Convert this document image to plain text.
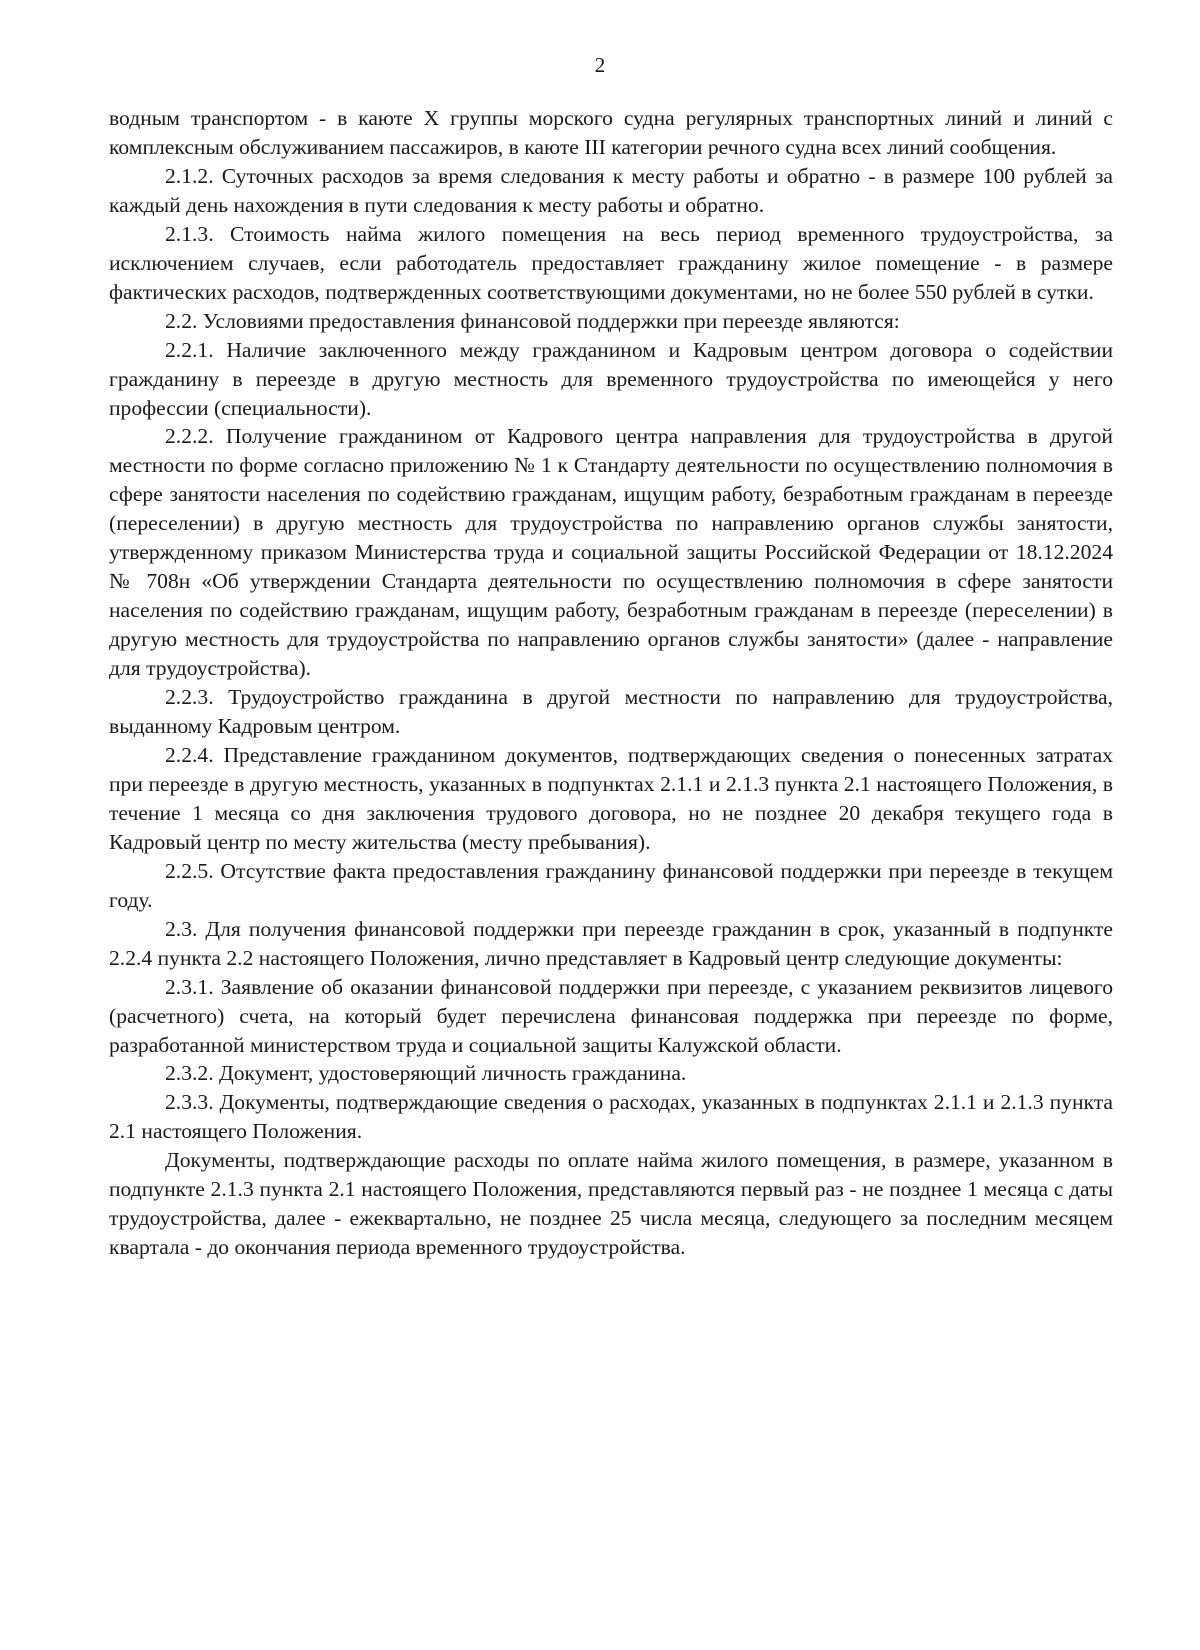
2

водным транспортом - в каюте X группы морского судна регулярных транспортных линий и линий с комплексным обслуживанием пассажиров, в каюте III категории речного судна всех линий сообщения.

2.1.2. Суточных расходов за время следования к месту работы и обратно - в размере 100 рублей за каждый день нахождения в пути следования к месту работы и обратно.

2.1.3. Стоимость найма жилого помещения на весь период временного трудоустройства, за исключением случаев, если работодатель предоставляет гражданину жилое помещение - в размере фактических расходов, подтвержденных соответствующими документами, но не более 550 рублей в сутки.

2.2. Условиями предоставления финансовой поддержки при переезде являются:

2.2.1. Наличие заключенного между гражданином и Кадровым центром договора о содействии гражданину в переезде в другую местность для временного трудоустройства по имеющейся у него профессии (специальности).

2.2.2. Получение гражданином от Кадрового центра направления для трудоустройства в другой местности по форме согласно приложению № 1 к Стандарту деятельности по осуществлению полномочия в сфере занятости населения по содействию гражданам, ищущим работу, безработным гражданам в переезде (переселении) в другую местность для трудоустройства по направлению органов службы занятости, утвержденному приказом Министерства труда и социальной защиты Российской Федерации от 18.12.2024 № 708н «Об утверждении Стандарта деятельности по осуществлению полномочия в сфере занятости населения по содействию гражданам, ищущим работу, безработным гражданам в переезде (переселении) в другую местность для трудоустройства по направлению органов службы занятости» (далее - направление для трудоустройства).

2.2.3. Трудоустройство гражданина в другой местности по направлению для трудоустройства, выданному Кадровым центром.

2.2.4. Представление гражданином документов, подтверждающих сведения о понесенных затратах при переезде в другую местность, указанных в подпунктах 2.1.1 и 2.1.3 пункта 2.1 настоящего Положения, в течение 1 месяца со дня заключения трудового договора, но не позднее 20 декабря текущего года в Кадровый центр по месту жительства (месту пребывания).

2.2.5. Отсутствие факта предоставления гражданину финансовой поддержки при переезде в текущем году.

2.3. Для получения финансовой поддержки при переезде гражданин в срок, указанный в подпункте 2.2.4 пункта 2.2 настоящего Положения, лично представляет в Кадровый центр следующие документы:

2.3.1. Заявление об оказании финансовой поддержки при переезде, с указанием реквизитов лицевого (расчетного) счета, на который будет перечислена финансовая поддержка при переезде по форме, разработанной министерством труда и социальной защиты Калужской области.

2.3.2. Документ, удостоверяющий личность гражданина.

2.3.3. Документы, подтверждающие сведения о расходах, указанных в подпунктах 2.1.1 и 2.1.3 пункта 2.1 настоящего Положения.

Документы, подтверждающие расходы по оплате найма жилого помещения, в размере, указанном в подпункте 2.1.3 пункта 2.1 настоящего Положения, представляются первый раз - не позднее 1 месяца с даты трудоустройства, далее - ежеквартально, не позднее 25 числа месяца, следующего за последним месяцем квартала - до окончания периода временного трудоустройства.
